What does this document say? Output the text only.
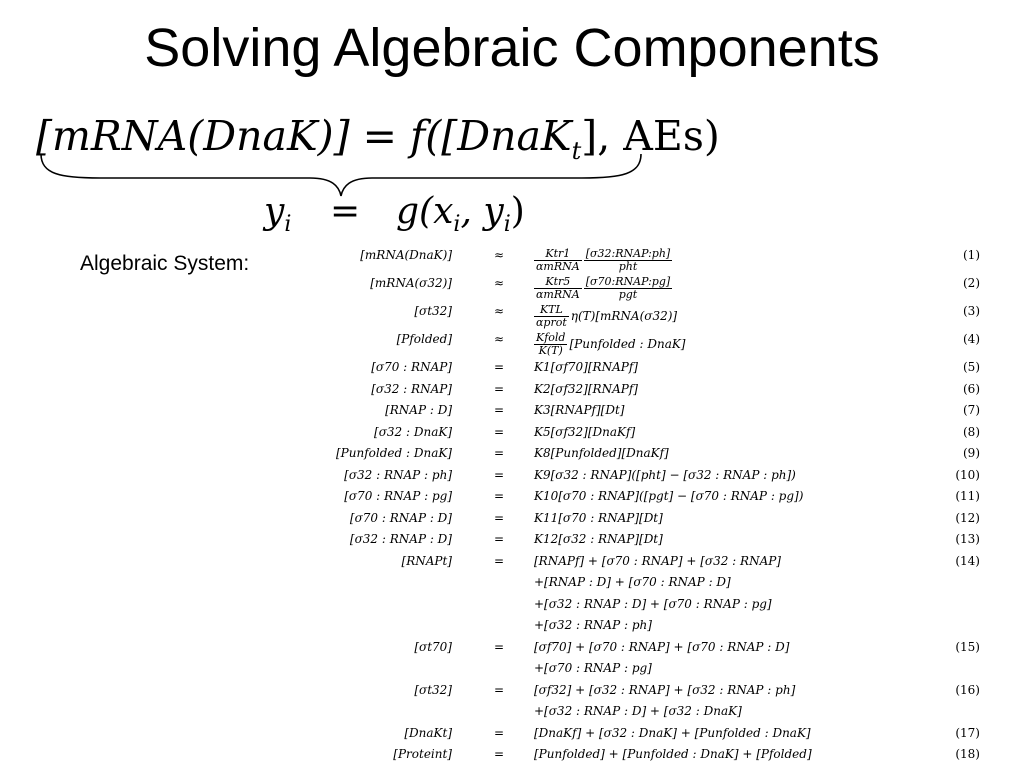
Solving Algebraic Components
[mRNA(DnaK)] = f([DnaK$_t$], AEs)
$y_i = g(x_i$, $y_i$)
Algebraic System:	[mRNA(DnaK)]	≈	$\frac{\text{Ktr1}}{\text{αmRNA}} \frac{\text{[σ32:RNAP:ph]}}{\text{pht}}$	(1)
[mRNA(σ32)]	≈	$\frac{\text{Ktr5}}{\text{αmRNA}} \frac{\text{[σ70:RNAP:pg]}}{\text{pgt}}$	(2)
[σt32]	≈	$\frac{\text{KTL}}{\text{αprot}}$ η(T)[mRNA(σ32)]	(3)
[Pfolded]	≈	$\frac{\text{Kfold}}{K(T)}$ [Punfolded : DnaK]	(4)
[σ70 : RNAP]	=	K1[σf70][RNAPf]	(5)
[σ32 : RNAP]	=	K2[σf32][RNAPf]	(6)
[RNAP : D]	=	K3[RNAPf][Dt]	(7)
[σ32 : DnaK]	=	K5[σf32][DnaKf]	(8)
[Punfolded : DnaK]	=	K8[Punfolded][DnaKf]	(9)
[σ32 : RNAP : ph]	=	K9[σ32 : RNAP]([pht] − [σ32 : RNAP : ph])	(10)
[σ70 : RNAP : pg]	=	K10[σ70 : RNAP]([pgt] − [σ70 : RNAP : pg])	(11)
[σ70 : RNAP : D]	=	K11[σ70 : RNAP][Dt]	(12)
[σ32 : RNAP : D]	=	K12[σ32 : RNAP][Dt]	(13)
[RNAPt]	=	[RNAPf] + [σ70 : RNAP] + [σ32 : RNAP]	(14)
+[RNAP : D] + [σ70 : RNAP : D]
+[σ32 : RNAP : D] + [σ70 : RNAP : pg]
+[σ32 : RNAP : ph]
[σt70]	=	[σf70] + [σ70 : RNAP] + [σ70 : RNAP : D]	(15)
+[σ70 : RNAP : pg]
[σt32]	=	[σf32] + [σ32 : RNAP] + [σ32 : RNAP : ph]	(16)
+[σ32 : RNAP : D] + [σ32 : DnaK]
[DnaKt]	=	[DnaKf] + [σ32 : DnaK] + [Punfolded : DnaK]	(17)
[Proteint]	=	[Punfolded] + [Punfolded : DnaK] + [Pfolded]	(18)
